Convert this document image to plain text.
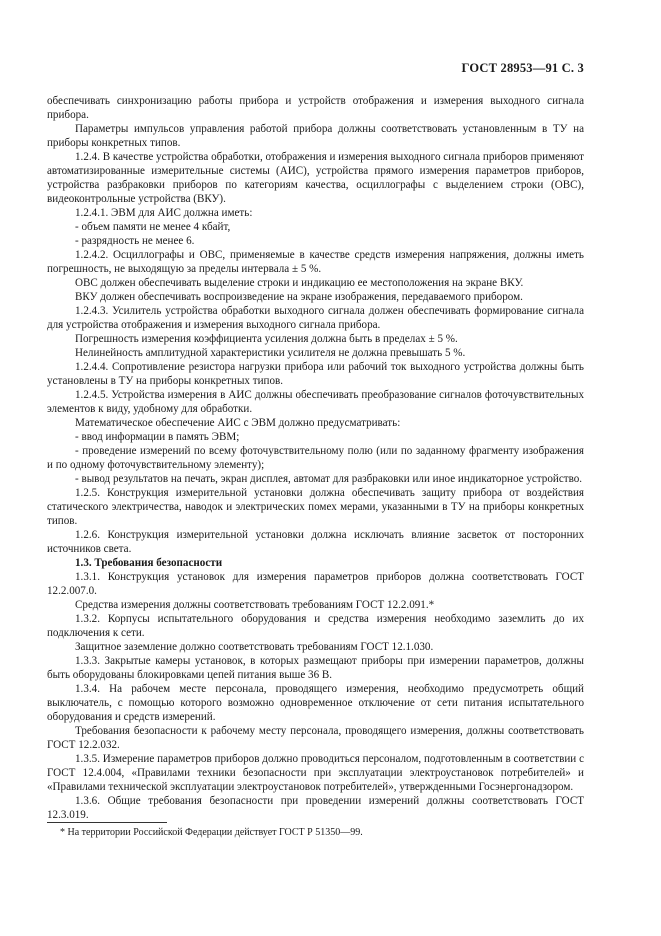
ГОСТ 28953—91 С. 3

обеспечивать синхронизацию работы прибора и устройств отображения и измерения выходного сигнала прибора.

Параметры импульсов управления работой прибора должны соответствовать установленным в ТУ на приборы конкретных типов.

1.2.4. В качестве устройства обработки, отображения и измерения выходного сигнала приборов применяют автоматизированные измерительные системы (АИС), устройства прямого измерения параметров приборов, устройства разбраковки приборов по категориям качества, осциллографы с выделением строки (ОВС), видеоконтрольные устройства (ВКУ).

1.2.4.1. ЭВМ для АИС должна иметь:

- объем памяти не менее 4 кбайт,

- разрядность не менее 6.

1.2.4.2. Осциллографы и ОВС, применяемые в качестве средств измерения напряжения, должны иметь погрешность, не выходящую за пределы интервала ± 5 %.

ОВС должен обеспечивать выделение строки и индикацию ее местоположения на экране ВКУ.

ВКУ должен обеспечивать воспроизведение на экране изображения, передаваемого прибором.

1.2.4.3. Усилитель устройства обработки выходного сигнала должен обеспечивать формирование сигнала для устройства отображения и измерения выходного сигнала прибора.

Погрешность измерения коэффициента усиления должна быть в пределах ± 5 %.

Нелинейность амплитудной характеристики усилителя не должна превышать 5 %.

1.2.4.4. Сопротивление резистора нагрузки прибора или рабочий ток выходного устройства должны быть установлены в ТУ на приборы конкретных типов.

1.2.4.5. Устройства измерения в АИС должны обеспечивать преобразование сигналов фоточувствительных элементов к виду, удобному для обработки.

Математическое обеспечение АИС с ЭВМ должно предусматривать:

- ввод информации в память ЭВМ;

- проведение измерений по всему фоточувствительному полю (или по заданному фрагменту изображения и по одному фоточувствительному элементу);

- вывод результатов на печать, экран дисплея, автомат для разбраковки или иное индикаторное устройство.

1.2.5. Конструкция измерительной установки должна обеспечивать защиту прибора от воздействия статического электричества, наводок и электрических помех мерами, указанными в ТУ на приборы конкретных типов.

1.2.6. Конструкция измерительной установки должна исключать влияние засветок от посторонних источников света.

1.3. Требования безопасности

1.3.1. Конструкция установок для измерения параметров приборов должна соответствовать ГОСТ 12.2.007.0.

Средства измерения должны соответствовать требованиям ГОСТ 12.2.091.*

1.3.2. Корпусы испытательного оборудования и средства измерения необходимо заземлить до их подключения к сети.

Защитное заземление должно соответствовать требованиям ГОСТ 12.1.030.

1.3.3. Закрытые камеры установок, в которых размещают приборы при измерении параметров, должны быть оборудованы блокировками цепей питания выше 36 В.

1.3.4. На рабочем месте персонала, проводящего измерения, необходимо предусмотреть общий выключатель, с помощью которого возможно одновременное отключение от сети питания испытательного оборудования и средств измерений.

Требования безопасности к рабочему месту персонала, проводящего измерения, должны соответствовать ГОСТ 12.2.032.

1.3.5. Измерение параметров приборов должно проводиться персоналом, подготовленным в соответствии с ГОСТ 12.4.004, «Правилами техники безопасности при эксплуатации электроустановок потребителей» и «Правилами технической эксплуатации электроустановок потребителей», утвержденными Госэнергонадзором.

1.3.6. Общие требования безопасности при проведении измерений должны соответствовать ГОСТ 12.3.019.

* На территории Российской Федерации действует ГОСТ Р 51350—99.
